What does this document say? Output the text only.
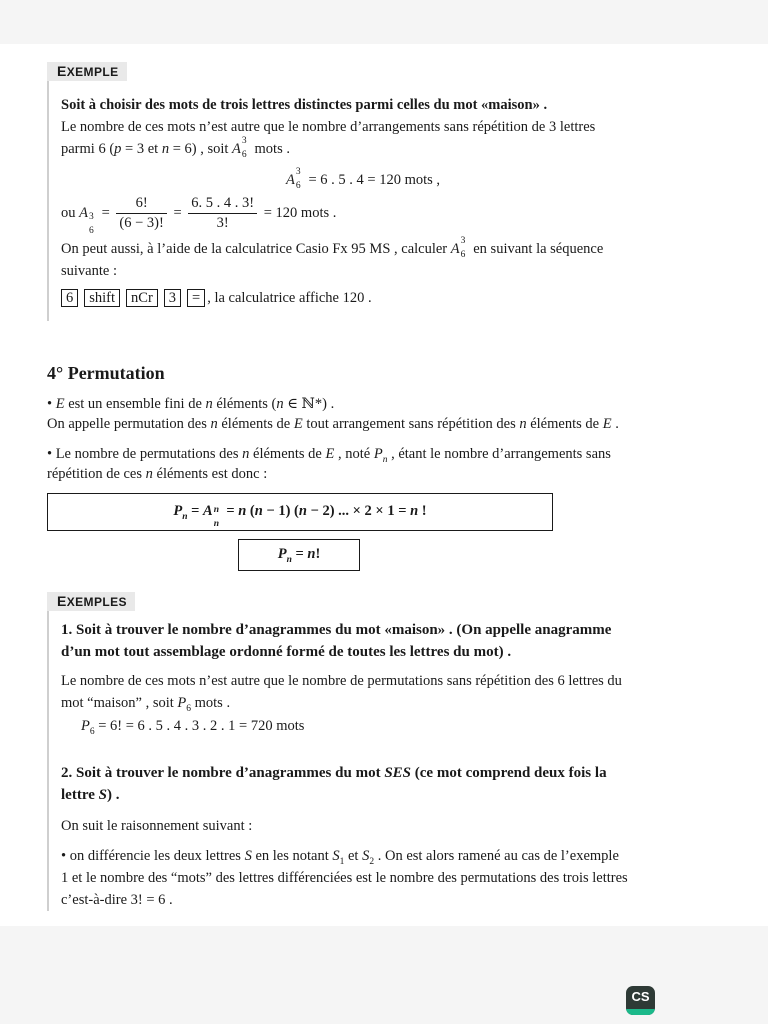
EXEMPLE
Soit à choisir des mots de trois lettres distinctes parmi celles du mot «maison» .
Le nombre de ces mots n’est autre que le nombre d’arrangements sans répétition de 3 lettres
parmi 6 (p = 3 et n = 6) , soit A 3
6 mots .
A 3
6 = 6 . 5 . 4 = 120 mots ,
ou A 3
6
= $\frac{6!}{(6 - 3)!} = \frac{6. 5 . 4 . 3!}{3!} = 120$ mots .
On peut aussi, à l’aide de la calculatrice Casio Fx 95 MS , calculer A 3
6 en suivant la séquence
suivante :
6 shift nCr 3 = , la calculatrice affiche 120 .
4° Permutation
• E est un ensemble fini de n éléments (n ∈ ℕ*) .
On appelle permutation des n éléments de E tout arrangement sans répétition des n éléments de E .
• Le nombre de permutations des n éléments de E , noté $P_n$ , étant le nombre d’arrangements sans
répétition de ces n éléments est donc :
$P_n = A$ n
n
= n (n − 1) (n − 2) ... × 2 × 1 = n !
$P_n = n$!
EXEMPLES
1. Soit à trouver le nombre d’anagrammes du mot «maison» . (On appelle anagramme
d’un mot tout assemblage ordonné formé de toutes les lettres du mot) .
Le nombre de ces mots n’est autre que le nombre de permutations sans répétition des 6 lettres du
mot “maison” , soit $P_6$ mots .
$P_6 = 6$! = 6 . 5 . 4 . 3 . 2 . 1 = 720 mots
2. Soit à trouver le nombre d’anagrammes du mot SES (ce mot comprend deux fois la
lettre S) .
On suit le raisonnement suivant :
• on différencie les deux lettres S en les notant $S_1$ et $S_2$ . On est alors ramené au cas de l’exemple
1 et le nombre des “mots” des lettres différenciées est le nombre des permutations des trois lettres
c’est-à-dire 3! = 6 .
CS
